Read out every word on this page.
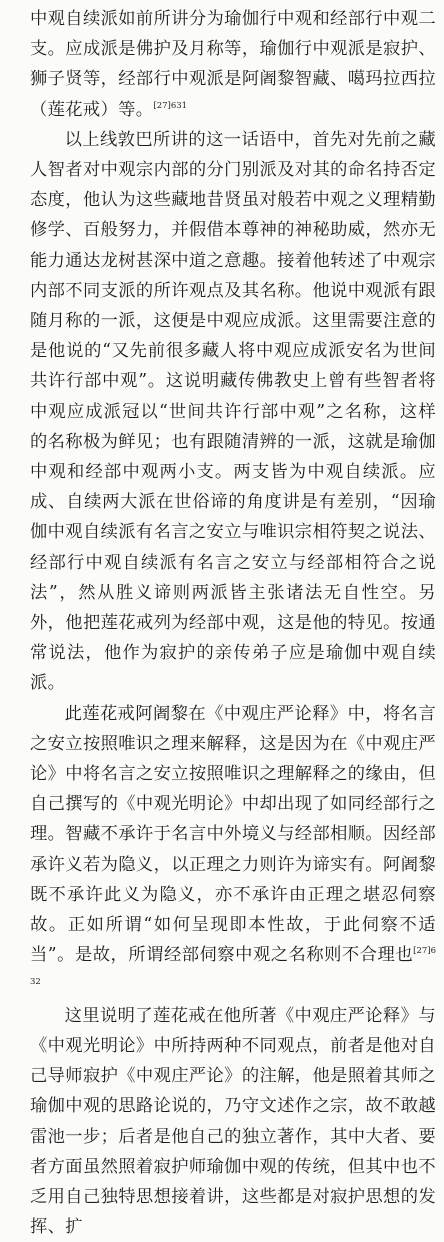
中观自续派如前所讲分为瑜伽行中观和经部行中观二支。应成派是佛护及月称等，瑜伽行中观派是寂护、狮子贤等，经部行中观派是阿阇黎智藏、噶玛拉西拉（莲花戒）等。$^{[27]631}$

以上线敦巴所讲的这一话语中，首先对先前之藏人智者对中观宗内部的分门别派及对其的命名持否定态度，他认为这些藏地昔贤虽对般若中观之义理精勤修学、百般努力，并假借本尊神的神秘助威，然亦无能力通达龙树甚深中道之意趣。接着他转述了中观宗内部不同支派的所许观点及其名称。他说中观派有跟随月称的一派，这便是中观应成派。这里需要注意的是他说的“又先前很多藏人将中观应成派安名为世间共许行部中观”。这说明藏传佛教史上曾有些智者将中观应成派冠以“世间共许行部中观”之名称，这样的名称极为鲜见；也有跟随清辨的一派，这就是瑜伽中观和经部中观两小支。两支皆为中观自续派。应成、自续两大派在世俗谛的角度讲是有差别，“因瑜伽中观自续派有名言之安立与唯识宗相符契之说法、经部行中观自续派有名言之安立与经部相符合之说法”，然从胜义谛则两派皆主张诸法无自性空。另外，他把莲花戒列为经部中观，这是他的特见。按通常说法，他作为寂护的亲传弟子应是瑜伽中观自续派。

此莲花戒阿阇黎在《中观庄严论释》中，将名言之安立按照唯识之理来解释，这是因为在《中观庄严论》中将名言之安立按照唯识之理解释之的缘由，但自己撰写的《中观光明论》中却出现了如同经部行之理。智藏不承许于名言中外境义与经部相顺。因经部承许义若为隐义，以正理之力则许为谛实有。阿阇黎既不承许此义为隐义，亦不承许由正理之堪忍伺察故。正如所谓“如何呈现即本性故，于此伺察不适当”。是故，所谓经部伺察中观之名称则不合理也$^{[27]632}$

这里说明了莲花戒在他所著《中观庄严论释》与《中观光明论》中所持两种不同观点，前者是他对自己导师寂护《中观庄严论》的注解，他是照着其师之瑜伽中观的思路论说的，乃守文述作之宗，故不敢越雷池一步；后者是他自己的独立著作，其中大者、要者方面虽然照着寂护师瑜伽中观的传统，但其中也不乏用自己独特思想接着讲，这些都是对寂护思想的发挥、扩
